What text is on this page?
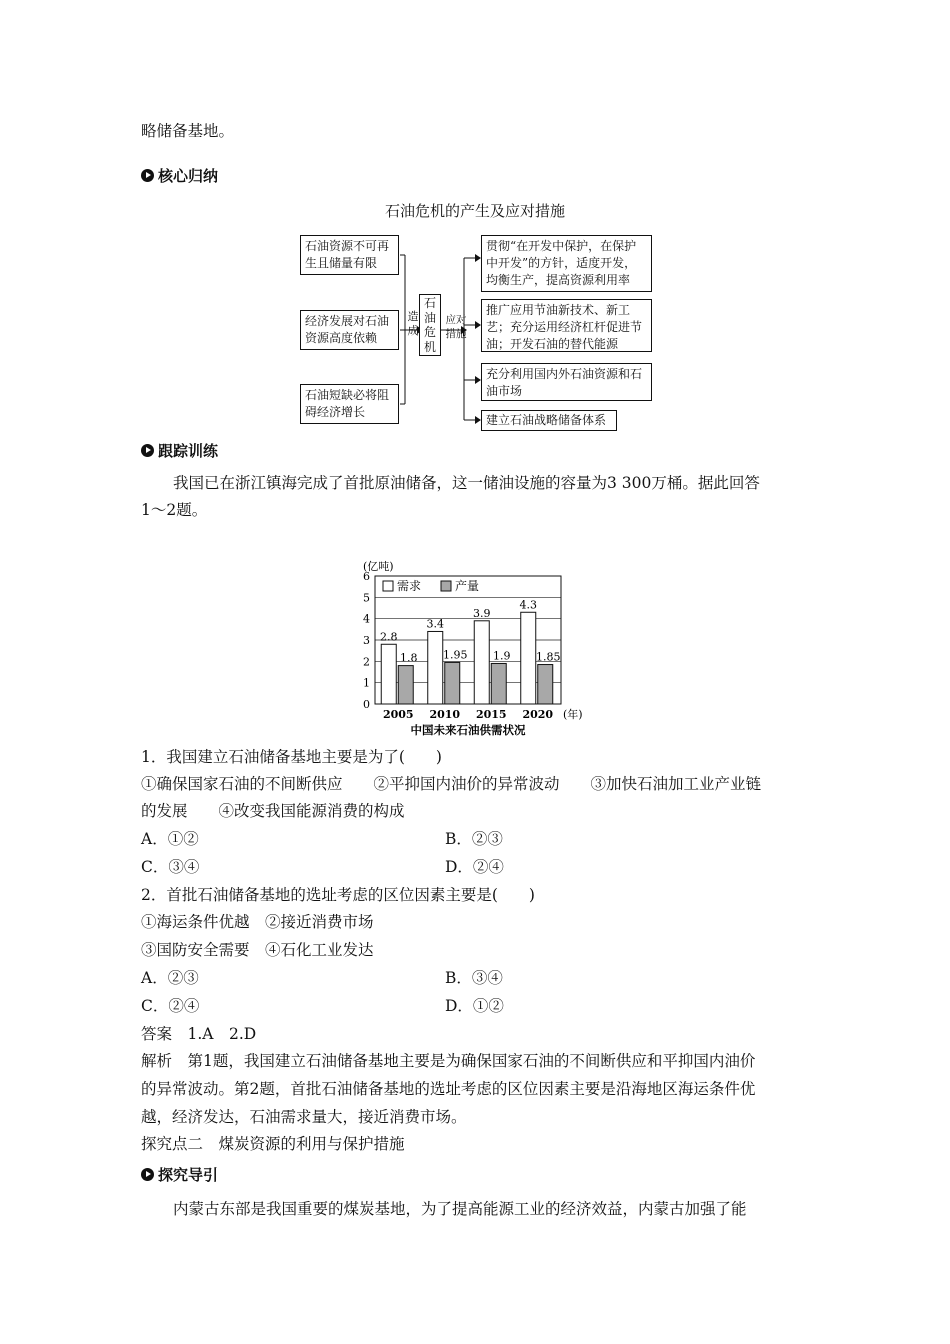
略储备基地。
核心归纳
石油危机的产生及应对措施
石油资源不可再生且储量有限
经济发展对石油资源高度依赖
石油短缺必将阻碍经济增长
造
成
石
油
危
机
应对
措施
贯彻“在开发中保护，在保护中开发”的方针，适度开发，均衡生产，提高资源利用率
推广应用节油新技术、新工艺；充分运用经济杠杆促进节油；开发石油的替代能源
充分利用国内外石油资源和石油市场
建立石油战略储备体系
跟踪训练
我国已在浙江镇海完成了首批原油储备，这一储油设施的容量为3 300万桶。据此回答
1～2题。
0
1
2
3
4
5
6
(亿吨)
需求	产量
2.8
1.8
2005
3.4
1.95
2010
3.9
1.9
2015
4.3
1.85
2020 (年)
中国未来石油供需状况
1．我国建立石油储备基地主要是为了(　　)
①确保国家石油的不间断供应　　②平抑国内油价的异常波动　　③加快石油加工业产业链
的发展　　④改变我国能源消费的构成
A．①②	B．②③
C．③④	D．②④
2．首批石油储备基地的选址考虑的区位因素主要是(　　)
①海运条件优越　②接近消费市场
③国防安全需要　④石化工业发达
A．②③	B．③④
C．②④	D．①②
答案　1.A　2.D
解析　第1题，我国建立石油储备基地主要是为确保国家石油的不间断供应和平抑国内油价
的异常波动。第2题，首批石油储备基地的选址考虑的区位因素主要是沿海地区海运条件优
越，经济发达，石油需求量大，接近消费市场。
探究点二　煤炭资源的利用与保护措施
探究导引
内蒙古东部是我国重要的煤炭基地，为了提高能源工业的经济效益，内蒙古加强了能
